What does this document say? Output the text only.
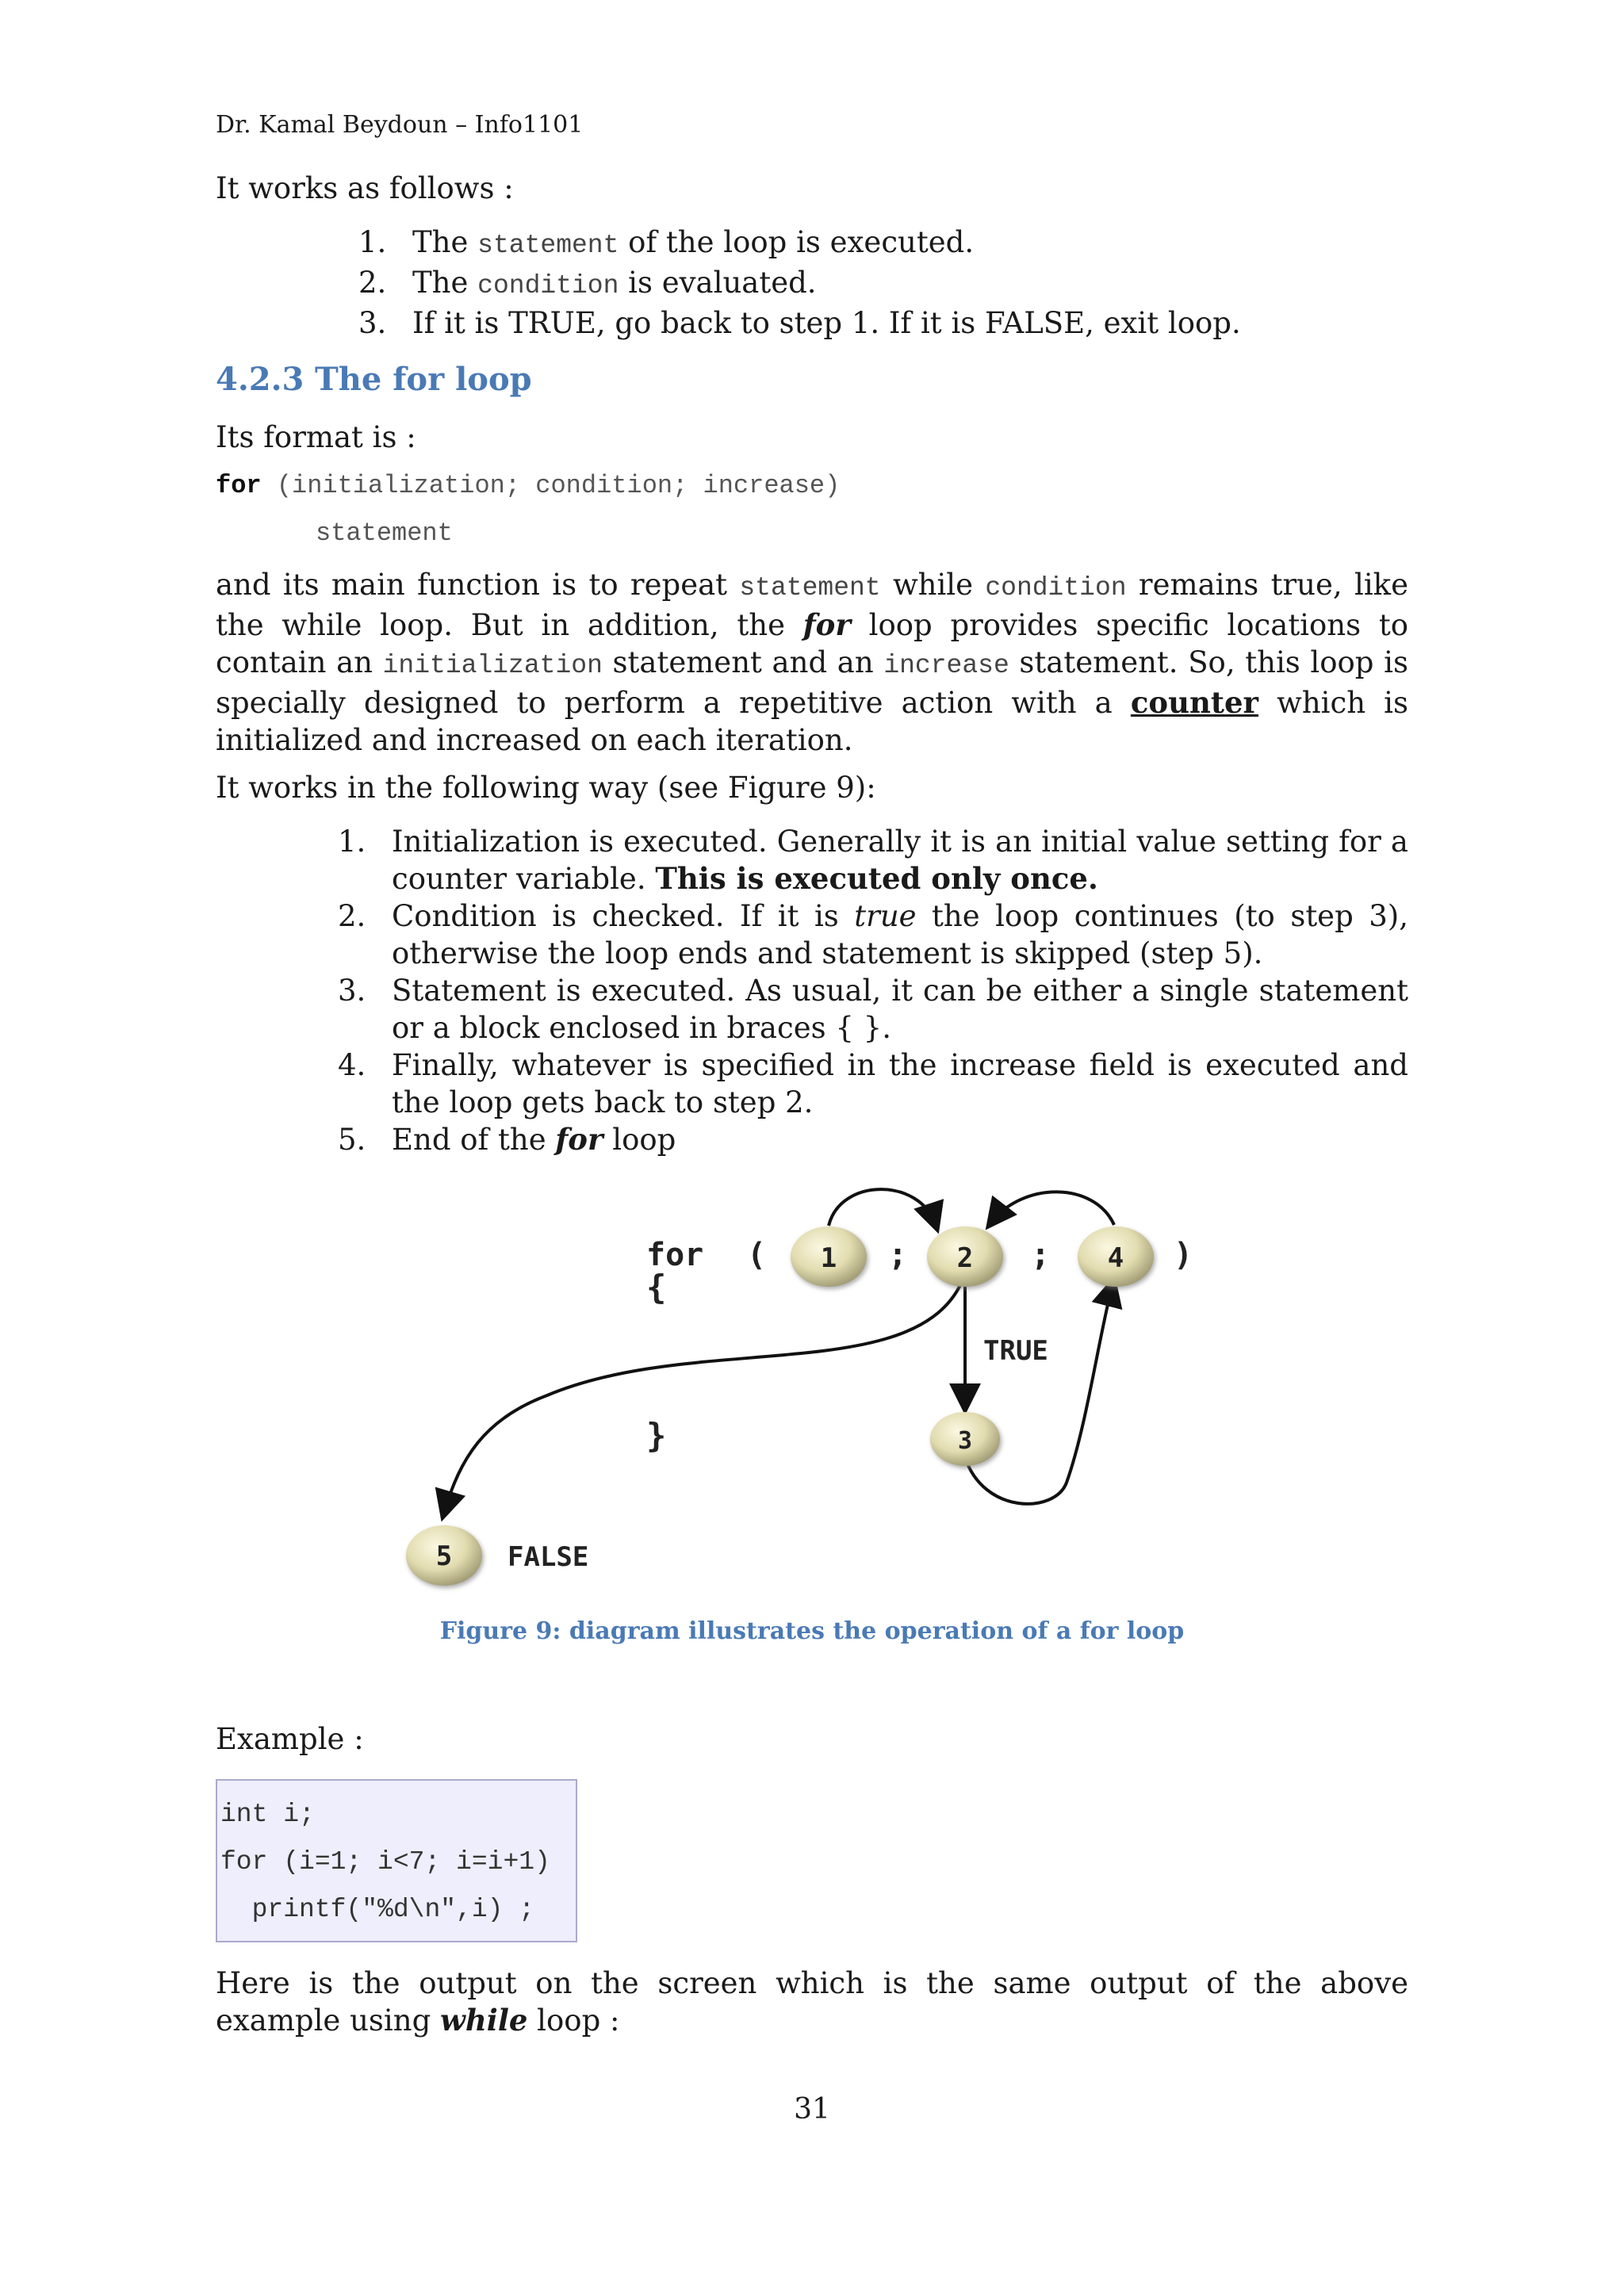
Dr. Kamal Beydoun – Info1101
It works as follows :
1. The statement of the loop is executed.
2. The condition is evaluated.
3. If it is TRUE, go back to step 1. If it is FALSE, exit loop.
4.2.3 The for loop
Its format is :
for (initialization; condition; increase)
statement
and its main function is to repeat statement while condition remains true, like the while loop. But in addition, the for loop provides specific locations to contain an initialization statement and an increase statement. So, this loop is specially designed to perform a repetitive action with a counter which is initialized and increased on each iteration.
It works in the following way (see Figure 9):
1. Initialization is executed. Generally it is an initial value setting for a counter variable. This is executed only once.
2. Condition is checked. If it is true the loop continues (to step 3), otherwise the loop ends and statement is skipped (step 5).
3. Statement is executed. As usual, it can be either a single statement or a block enclosed in braces { }.
4. Finally, whatever is specified in the increase field is executed and the loop gets back to step 2.
5. End of the for loop
for (	;	;	)
{
}
TRUE
FALSE
1	2	4
3
5
Figure 9: diagram illustrates the operation of a for loop
Example :
int i;
for (i=1; i<7; i=i+1)
printf("%d\n",i) ;
Here is the output on the screen which is the same output of the above example using while loop :
31
